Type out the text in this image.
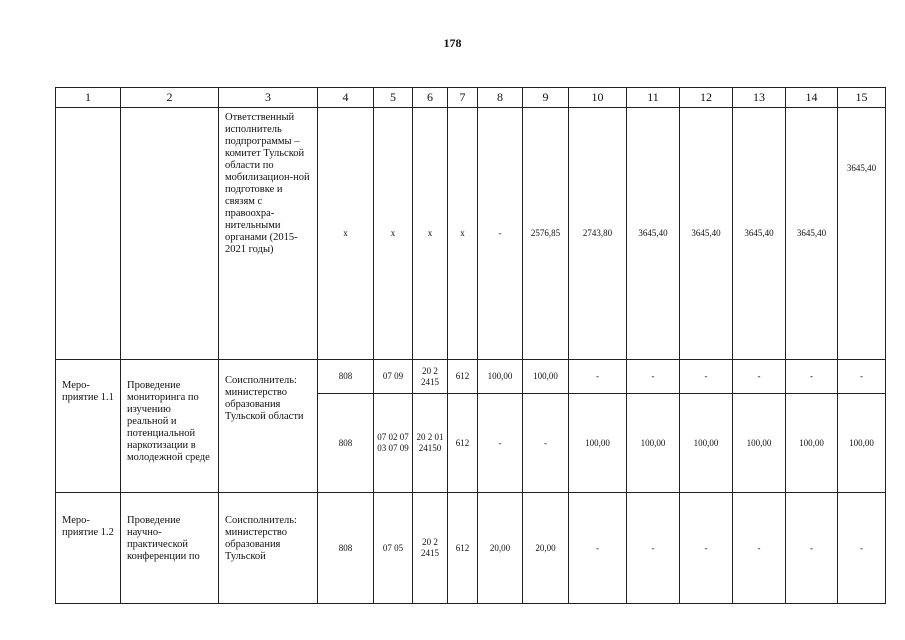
178
1	2	3	4	5	6	7	8	9	10	11	12	13	14	15
		Ответственный исполнитель подпрограммы – комитет Тульской области по мобилизацион-ной подготовке и связям с правоохра-нительными органами (2015-2021 годы)	x	x	x	x	-	2576,85	2743,80	3645,40	3645,40	3645,40	3645,40	3645,40
Меро-приятие 1.1	Проведение мониторинга по изучению реальной и потенциальной наркотизации в молодежной среде	Соисполнитель: министерство образования Тульской области	808	07 09	20 2 2415	612	100,00	100,00	-	-	-	-	-	-
			808	07 02 07 03 07 09	20 2 01 24150	612	-	-	100,00	100,00	100,00	100,00	100,00	100,00
Меро-приятие 1.2	Проведение научно-практической конференции по	Соисполнитель: министерство образования Тульской	808	07 05	20 2 2415	612	20,00	20,00	-	-	-	-	-	-
